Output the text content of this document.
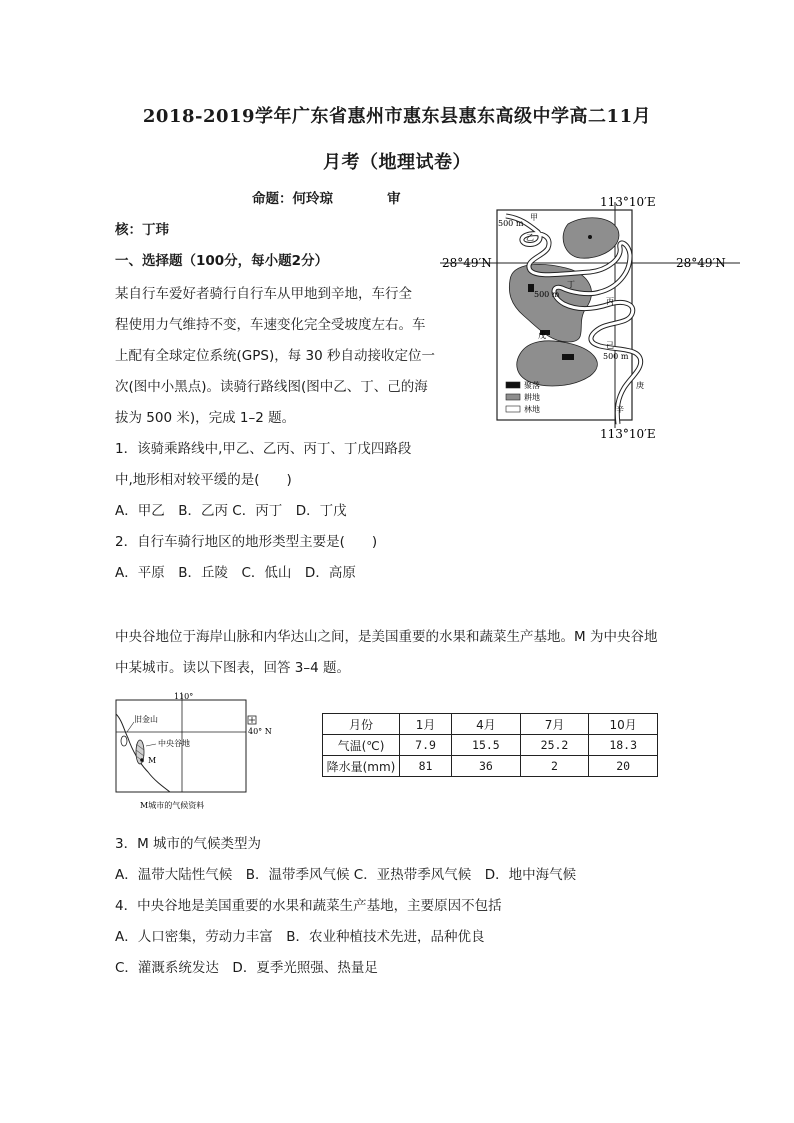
2018-2019学年广东省惠州市惠东县惠东高级中学高二11月
月考（地理试卷）
命题：何玲琼　　　　审
核：丁玮
一、选择题（100分，每小题2分）
某自行车爱好者骑行自行车从甲地到辛地，车行全
程使用力气维持不变，车速变化完全受坡度左右。车
上配有全球定位系统(GPS)，每 30 秒自动接收定位一
次(图中小黑点)。读骑行路线图(图中乙、丁、己的海
拔为 500 米)，完成 1–2 题。
1．该骑乘路线中,甲乙、乙丙、丙丁、丁戊四路段
中,地形相对较平缓的是(　　)
A．甲乙　B．乙丙 C．丙丁　D．丁戊
2．自行车骑行地区的地形类型主要是(　　)
A．平原　B．丘陵　C．低山　D．高原
甲
乙
丙
丁
戊
己
庚
辛
500 m
500 m
500 m
聚落
耕地
林地
113°10′E
113°10′E
28°49′N	28°49′N
中央谷地位于海岸山脉和内华达山之间，是美国重要的水果和蔬菜生产基地。M 为中央谷地
中某城市。读以下图表，回答 3–4 题。
110°
40° N
旧金山
中央谷地
M
M城市的气候资料
月份	1月	4月	7月	10月
气温(℃)	7.9	15.5	25.2	18.3
降水量(mm)	81	36	2	20
3．M 城市的气候类型为
A．温带大陆性气候　B．温带季风气候 C．亚热带季风气候　D．地中海气候
4．中央谷地是美国重要的水果和蔬菜生产基地，主要原因不包括
A．人口密集，劳动力丰富　B．农业种植技术先进，品种优良
C．灌溉系统发达　D．夏季光照强、热量足
